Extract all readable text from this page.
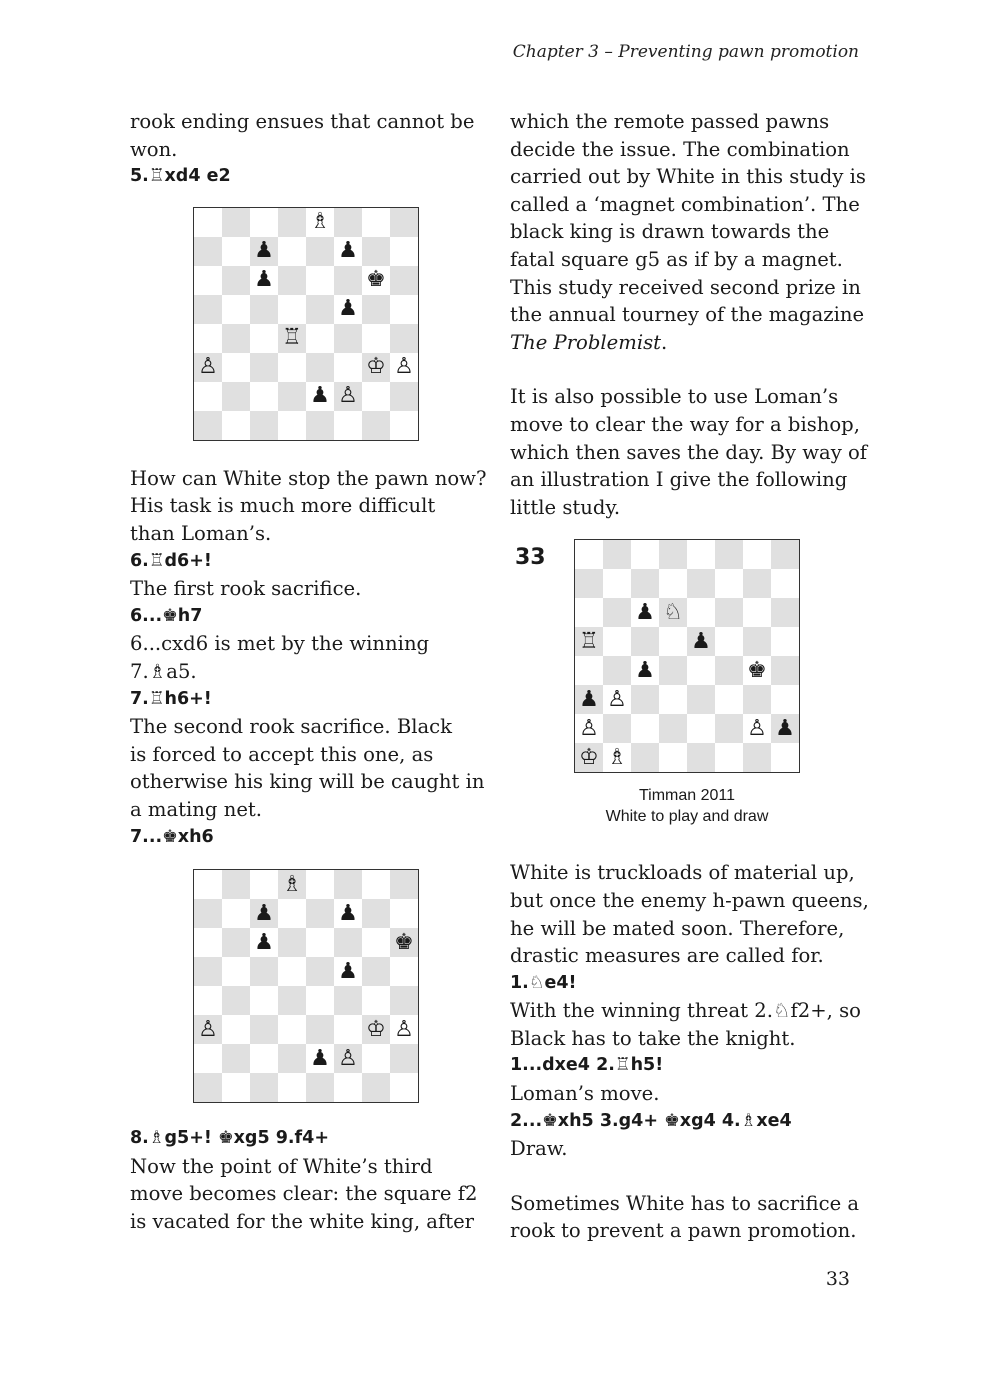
Chapter 3 – Preventing pawn promotion

rook ending ensues that cannot be

won.

5.♖xd4 e2

♗
♟	♟
♟	♚
♟
♖
♙	♔ ♙
♟ ♙

How can White stop the pawn now?

His task is much more difficult

than Loman’s.

6.♖d6+!

The first rook sacrifice.

6...♚h7

6...cxd6 is met by the winning

7.♗a5.

7.♖h6+!

The second rook sacrifice. Black

is forced to accept this one, as

otherwise his king will be caught in

a mating net.

7...♚xh6

♗
♟	♟
♟	♚
♟
♙	♔ ♙
♟ ♙

8.♗g5+! ♚xg5 9.f4+

Now the point of White’s third

move becomes clear: the square f2

is vacated for the white king, after

which the remote passed pawns

decide the issue. The combination

carried out by White in this study is

called a ‘magnet combination’. The

black king is drawn towards the

fatal square g5 as if by a magnet.

This study received second prize in

the annual tourney of the magazine

The Problemist.

It is also possible to use Loman’s

move to clear the way for a bishop,

which then saves the day. By way of

an illustration I give the following

little study.

33
♟ ♘
♖	♟
♟	♚
♟ ♙
♙	♙ ♟
♔ ♗
Timman 2011
White to play and draw

White is truckloads of material up,

but once the enemy h-pawn queens,

he will be mated soon. Therefore,

drastic measures are called for.

1.♘e4!

With the winning threat 2.♘f2+, so

Black has to take the knight.

1...dxe4 2.♖h5!

Loman’s move.

2...♚xh5 3.g4+ ♚xg4 4.♗xe4

Draw.

Sometimes White has to sacrifice a

rook to prevent a pawn promotion.

33
